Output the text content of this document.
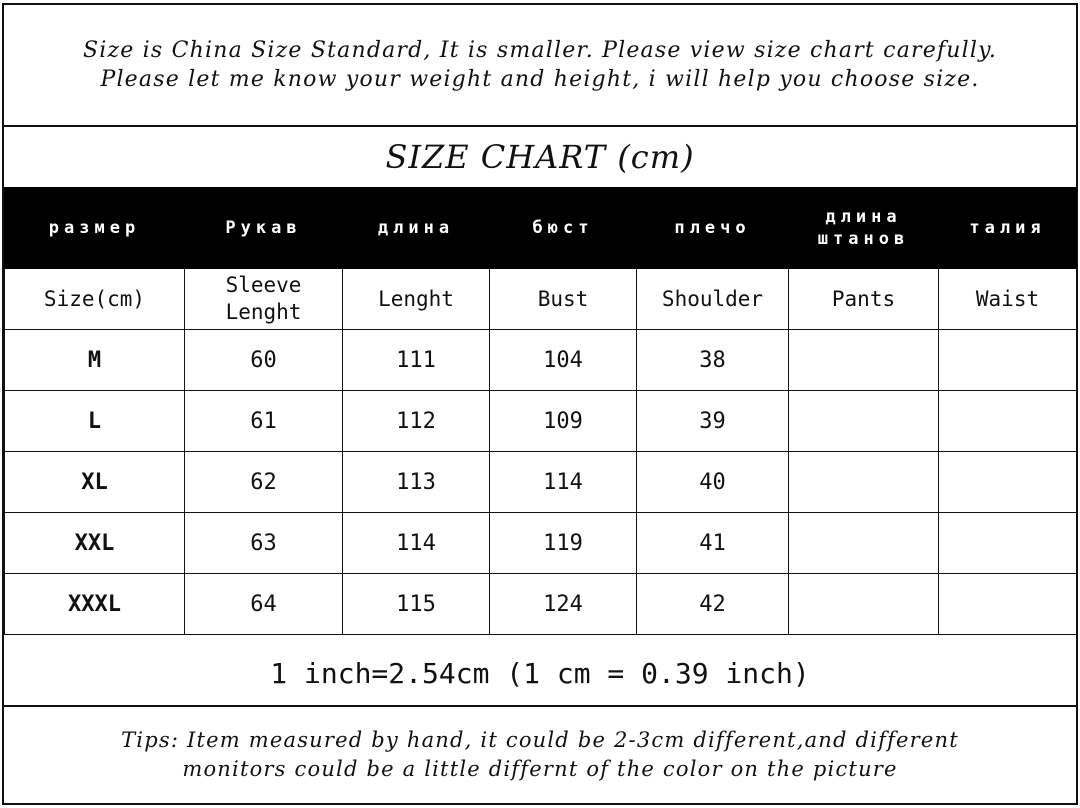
Size is China Size Standard, It is smaller. Please view size chart carefully.
Please let me know your weight and height, i will help you choose size.
SIZE CHART (cm)
размер	Рукав	длина	бюст	плечо	длина штанов	талия
Size(cm)	Sleeve Lenght	Lenght	Bust	Shoulder	Pants	Waist
M	60	111	104	38		
L	61	112	109	39		
XL	62	113	114	40		
XXL	63	114	119	41		
XXXL	64	115	124	42		
1 inch=2.54cm (1 cm = 0.39 inch)
Tips: Item measured by hand, it could be 2-3cm different,and different
monitors could be a little differnt of the color on the picture
